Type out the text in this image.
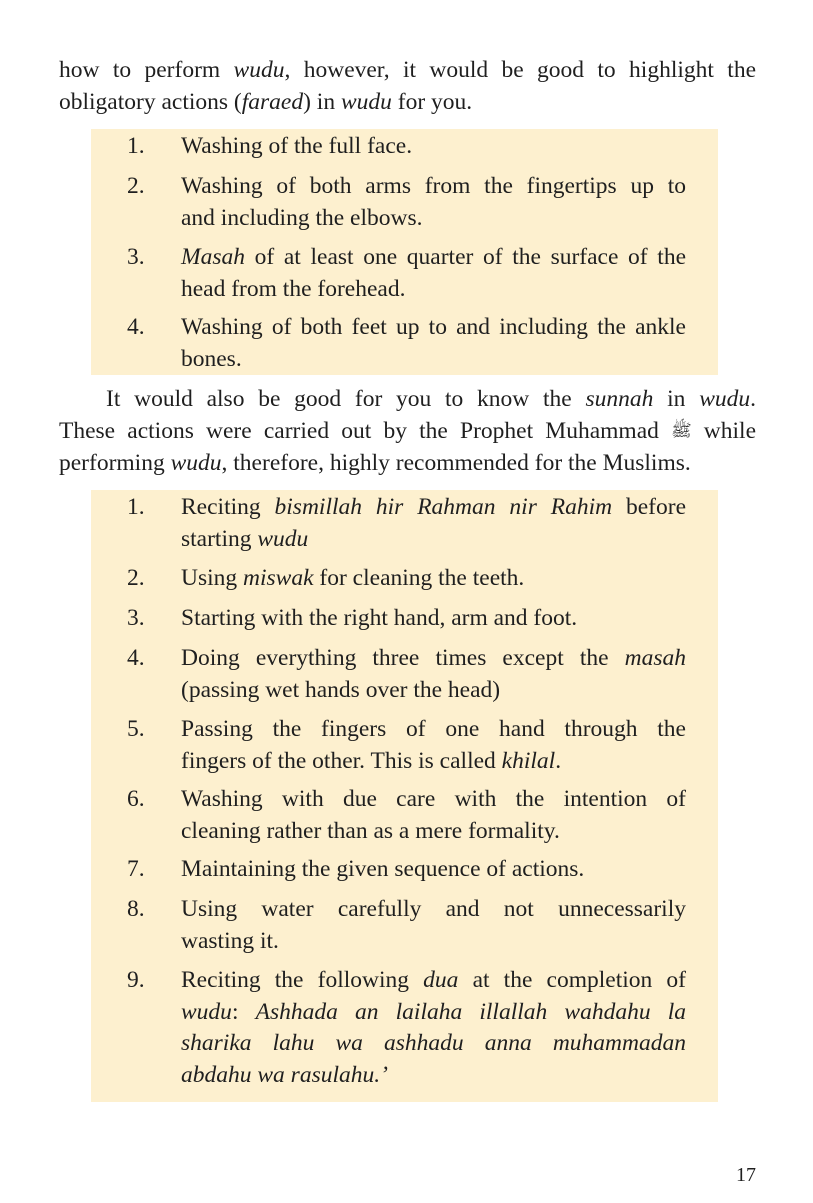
how to perform wudu, however, it would be good to highlight the
obligatory actions (faraed) in wudu for you.

1.	Washing of the full face.
2.	Washing of both arms from the fingertips up to
and including the elbows.
3.	Masah of at least one quarter of the surface of the
head from the forehead.
4.	Washing of both feet up to and including the ankle
bones.

It would also be good for you to know the sunnah in wudu.
These actions were carried out by the Prophet Muhammad ﷺ while
performing wudu, therefore, highly recommended for the Muslims.

1.	Reciting bismillah hir Rahman nir Rahim before
starting wudu
2.	Using miswak for cleaning the teeth.
3.	Starting with the right hand, arm and foot.
4.	Doing everything three times except the masah
(passing wet hands over the head)
5.	Passing the fingers of one hand through the
fingers of the other. This is called khilal.
6.	Washing with due care with the intention of
cleaning rather than as a mere formality.
7.	Maintaining the given sequence of actions.
8.	Using water carefully and not unnecessarily
wasting it.
9.	Reciting the following dua at the completion of
wudu: Ashhada an lailaha illallah wahdahu la
sharika lahu wa ashhadu anna muhammadan
abdahu wa rasulahu.’
17
